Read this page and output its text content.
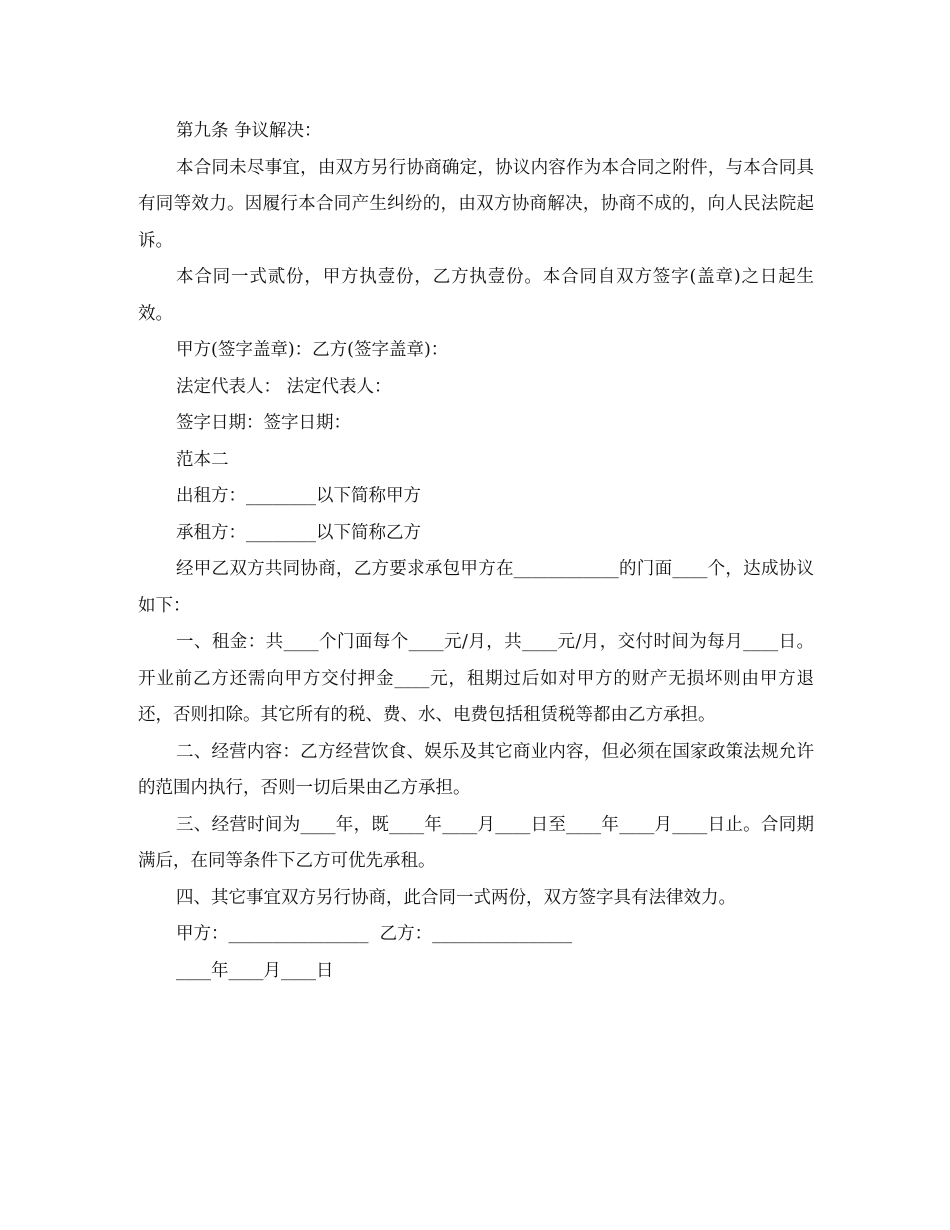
第九条 争议解决：

本合同未尽事宜，由双方另行协商确定，协议内容作为本合同之附件，与本合同具有同等效力。因履行本合同产生纠纷的，由双方协商解决，协商不成的，向人民法院起诉。

本合同一式贰份，甲方执壹份，乙方执壹份。本合同自双方签字(盖章)之日起生效。

甲方(签字盖章)：乙方(签字盖章)：

法定代表人： 法定代表人：

签字日期：签字日期：

范本二

出租方：________以下简称甲方

承租方：________以下简称乙方

经甲乙双方共同协商，乙方要求承包甲方在____________的门面____个，达成协议如下：

一、租金：共____个门面每个____元/月，共____元/月，交付时间为每月____日。开业前乙方还需向甲方交付押金____元，租期过后如对甲方的财产无损坏则由甲方退还，否则扣除。其它所有的税、费、水、电费包括租赁税等都由乙方承担。

二、经营内容：乙方经营饮食、娱乐及其它商业内容，但必须在国家政策法规允许的范围内执行，否则一切后果由乙方承担。

三、经营时间为____年，既____年____月____日至____年____月____日止。合同期满后，在同等条件下乙方可优先承租。

四、其它事宜双方另行协商，此合同一式两份，双方签字具有法律效力。

甲方：________________  乙方：________________

____年____月____日
